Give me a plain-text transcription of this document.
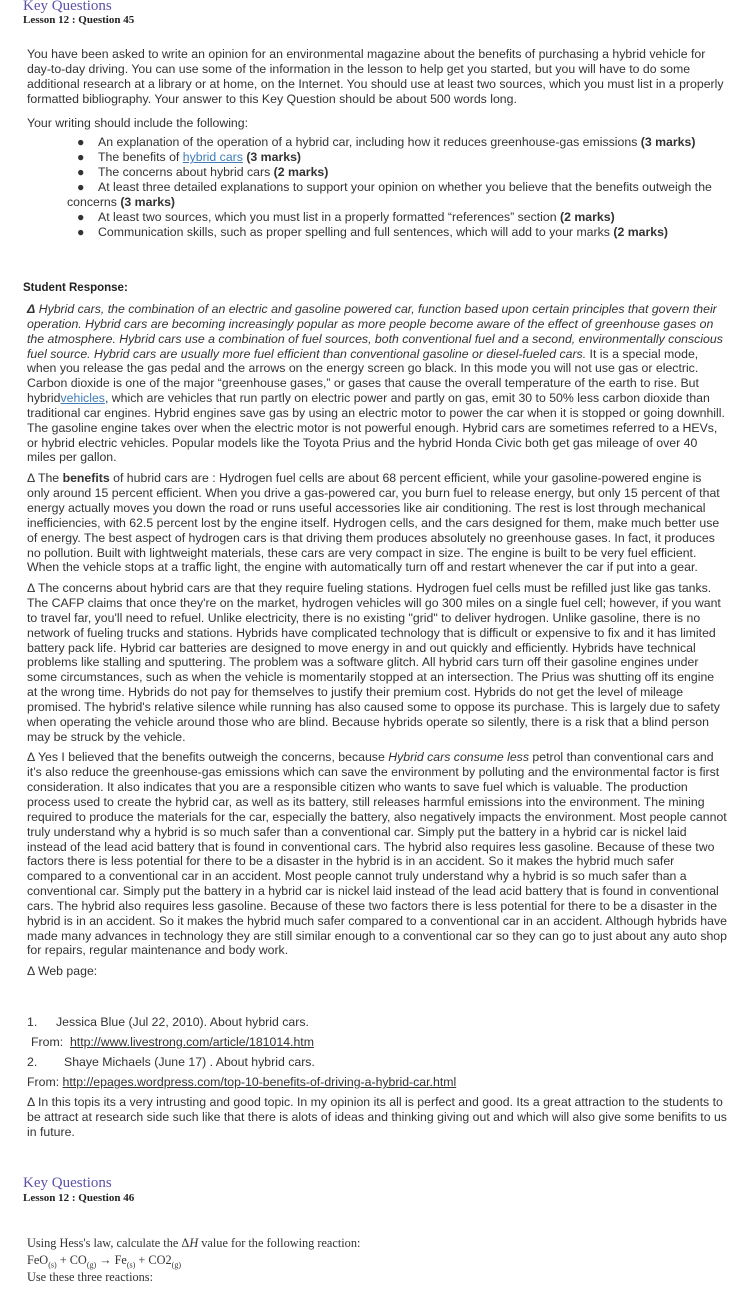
Key Questions
Lesson 12 : Question 45

You have been asked to write an opinion for an environmental magazine about the benefits of purchasing a hybrid vehicle for day-to-day driving. You can use some of the information in the lesson to help get you started, but you will have to do some additional research at a library or at home, on the Internet. You should use at least two sources, which you must list in a properly formatted bibliography. Your answer to this Key Question should be about 500 words long.

Your writing should include the following:

● An explanation of the operation of a hybrid car, including how it reduces greenhouse-gas emissions (3 marks)
● The benefits of hybrid cars (3 marks)
● The concerns about hybrid cars (2 marks)
● At least three detailed explanations to support your opinion on whether you believe that the benefits outweigh the concerns (3 marks)
● At least two sources, which you must list in a properly formatted “references” section (2 marks)
● Communication skills, such as proper spelling and full sentences, which will add to your marks (2 marks)
Student Response:

Δ Hybrid cars, the combination of an electric and gasoline powered car, function based upon certain principles that govern their operation. Hybrid cars are becoming increasingly popular as more people become aware of the effect of greenhouse gases on the atmosphere. Hybrid cars use a combination of fuel sources, both conventional fuel and a second, environmentally conscious fuel source. Hybrid cars are usually more fuel efficient than conventional gasoline or diesel-fueled cars. It is a special mode, when you release the gas pedal and the arrows on the energy screen go black. In this mode you will not use gas or electric. Carbon dioxide is one of the major “greenhouse gases,” or gases that cause the overall temperature of the earth to rise. But hybridvehicles, which are vehicles that run partly on electric power and partly on gas, emit 30 to 50% less carbon dioxide than traditional car engines. Hybrid engines save gas by using an electric motor to power the car when it is stopped or going downhill. The gasoline engine takes over when the electric motor is not powerful enough. Hybrid cars are sometimes referred to a HEVs, or hybrid electric vehicles. Popular models like the Toyota Prius and the hybrid Honda Civic both get gas mileage of over 40 miles per gallon.

Δ The benefits of hubrid cars are : Hydrogen fuel cells are about 68 percent efficient, while your gasoline-powered engine is only around 15 percent efficient. When you drive a gas-powered car, you burn fuel to release energy, but only 15 percent of that energy actually moves you down the road or runs useful accessories like air conditioning. The rest is lost through mechanical inefficiencies, with 62.5 percent lost by the engine itself. Hydrogen cells, and the cars designed for them, make much better use of energy. The best aspect of hydrogen cars is that driving them produces absolutely no greenhouse gases. In fact, it produces no pollution. Built with lightweight materials, these cars are very compact in size. The engine is built to be very fuel efficient. When the vehicle stops at a traffic light, the engine with automatically turn off and restart whenever the car if put into a gear.

Δ The concerns about hybrid cars are that they require fueling stations. Hydrogen fuel cells must be refilled just like gas tanks. The CAFP claims that once they're on the market, hydrogen vehicles will go 300 miles on a single fuel cell; however, if you want to travel far, you'll need to refuel. Unlike electricity, there is no existing "grid" to deliver hydrogen. Unlike gasoline, there is no network of fueling trucks and stations. Hybrids have complicated technology that is difficult or expensive to fix and it has limited battery pack life. Hybrid car batteries are designed to move energy in and out quickly and efficiently. Hybrids have technical problems like stalling and sputtering. The problem was a software glitch. All hybrid cars turn off their gasoline engines under some circumstances, such as when the vehicle is momentarily stopped at an intersection. The Prius was shutting off its engine at the wrong time. Hybrids do not pay for themselves to justify their premium cost. Hybrids do not get the level of mileage promised. The hybrid's relative silence while running has also caused some to oppose its purchase. This is largely due to safety when operating the vehicle around those who are blind. Because hybrids operate so silently, there is a risk that a blind person may be struck by the vehicle.

Δ Yes I believed that the benefits outweigh the concerns, because Hybrid cars consume less petrol than conventional cars and it’s also reduce the greenhouse-gas emissions which can save the environment by polluting and the environmental factor is first consideration. It also indicates that you are a responsible citizen who wants to save fuel which is valuable. The production process used to create the hybrid car, as well as its battery, still releases harmful emissions into the environment. The mining required to produce the materials for the car, especially the battery, also negatively impacts the environment. Most people cannot truly understand why a hybrid is so much safer than a conventional car. Simply put the battery in a hybrid car is nickel laid instead of the lead acid battery that is found in conventional cars. The hybrid also requires less gasoline. Because of these two factors there is less potential for there to be a disaster in the hybrid is in an accident. So it makes the hybrid much safer compared to a conventional car in an accident. Most people cannot truly understand why a hybrid is so much safer than a conventional car. Simply put the battery in a hybrid car is nickel laid instead of the lead acid battery that is found in conventional cars. The hybrid also requires less gasoline. Because of these two factors there is less potential for there to be a disaster in the hybrid is in an accident. So it makes the hybrid much safer compared to a conventional car in an accident. Although hybrids have made many advances in technology they are still similar enough to a conventional car so they can go to just about any auto shop for repairs, regular maintenance and body work.

Δ Web page:

1. Jessica Blue (Jul 22, 2010). About hybrid cars.
From: http://www.livestrong.com/article/181014.htm
2. Shaye Michaels (June 17) . About hybrid cars.
From: http://epages.wordpress.com/top-10-benefits-of-driving-a-hybrid-car.html
Δ In this topis its a very intrusting and good topic. In my opinion its all is perfect and good. Its a great attraction to the students to be attract at research side such like that there is alots of ideas and thinking giving out and which will also give some benifits to us in future.
Key Questions
Lesson 12 : Question 46
Using Hess's law, calculate the ΔH value for the following reaction:
$FeO_{(s)} + CO_{(g)} \to Fe_{(s)} + CO2_{(g)}$
Use these three reactions:
